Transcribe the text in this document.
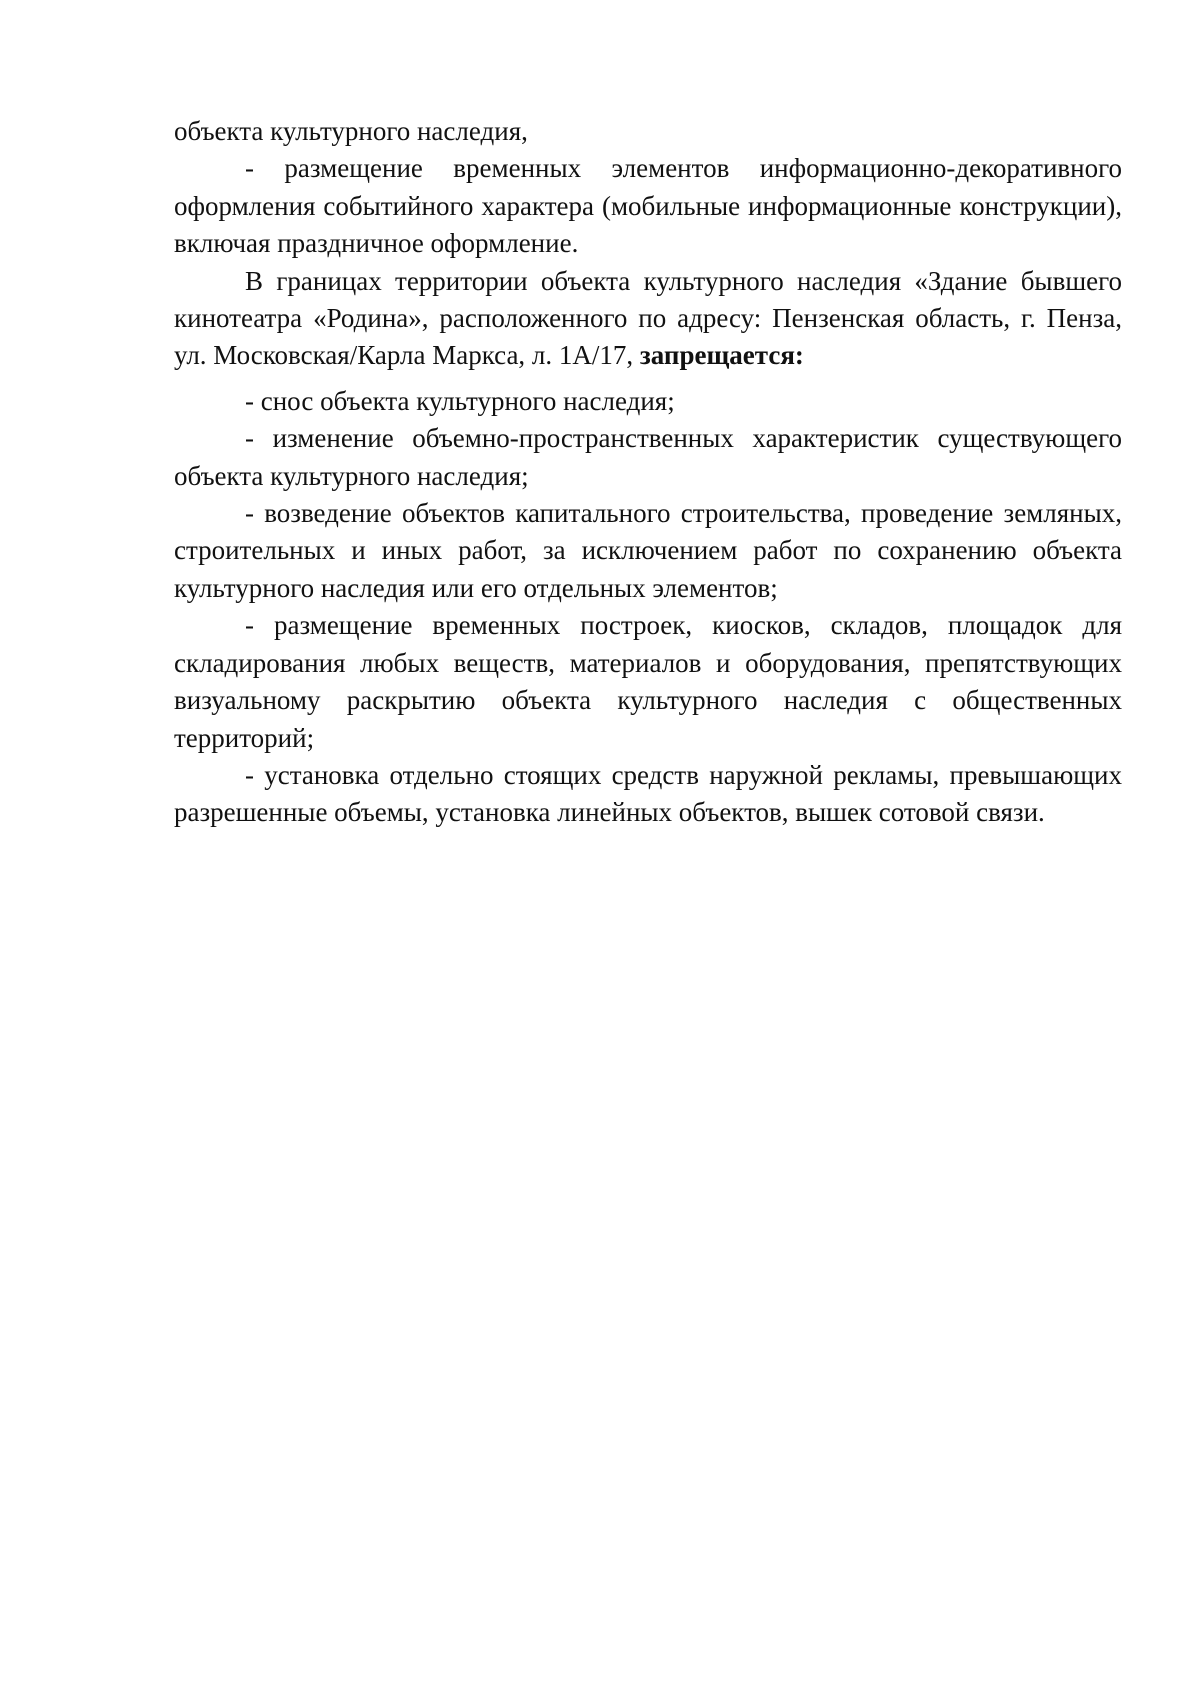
объекта культурного наследия,

- размещение временных элементов информационно-декоративного оформления событийного характера (мобильные информационные конструкции), включая праздничное оформление.

В границах территории объекта культурного наследия «Здание бывшего кинотеатра «Родина», расположенного по адресу: Пензенская область, г. Пенза, ул. Московская/Карла Маркса, л. 1А/17, запрещается:

- снос объекта культурного наследия;

- изменение объемно-пространственных характеристик существующего объекта культурного наследия;

- возведение объектов капитального строительства, проведение земляных, строительных и иных работ, за исключением работ по сохранению объекта культурного наследия или его отдельных элементов;

- размещение временных построек, киосков, складов, площадок для складирования любых веществ, материалов и оборудования, препятствующих визуальному раскрытию объекта культурного наследия с общественных территорий;

- установка отдельно стоящих средств наружной рекламы, превышающих разрешенные объемы, установка линейных объектов, вышек сотовой связи.
